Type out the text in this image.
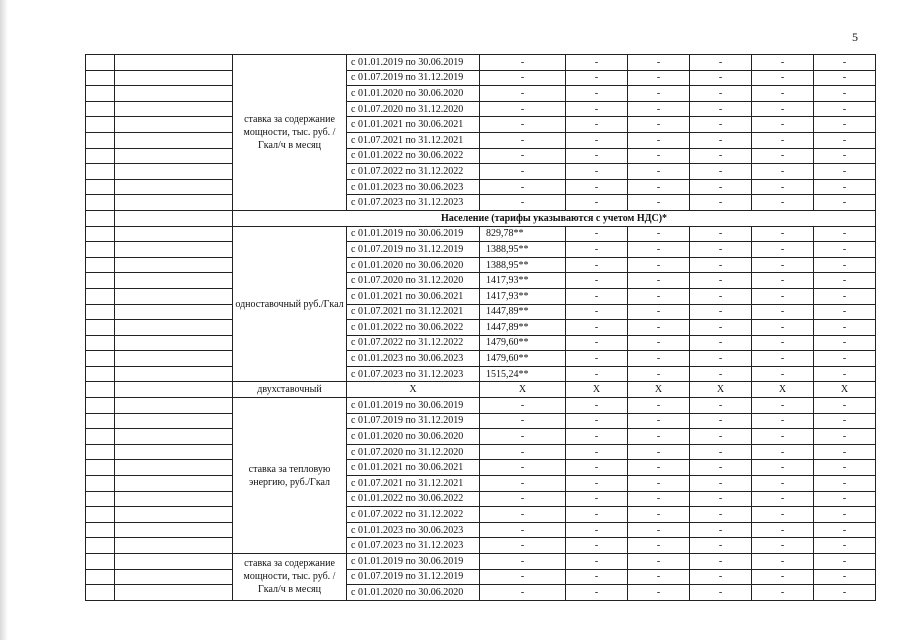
5
		ставка за содержание мощности, тыс. руб. /Гкал/ч в месяц	с 01.01.2019 по 30.06.2019	-	-	-	-	-	-
			с 01.07.2019 по 31.12.2019	-	-	-	-	-	-
			с 01.01.2020 по 30.06.2020	-	-	-	-	-	-
			с 01.07.2020 по 31.12.2020	-	-	-	-	-	-
			с 01.01.2021 по 30.06.2021	-	-	-	-	-	-
			с 01.07.2021 по 31.12.2021	-	-	-	-	-	-
			с 01.01.2022 по 30.06.2022	-	-	-	-	-	-
			с 01.07.2022 по 31.12.2022	-	-	-	-	-	-
			с 01.01.2023 по 30.06.2023	-	-	-	-	-	-
			с 01.07.2023 по 31.12.2023	-	-	-	-	-	-
		Население (тарифы указываются с учетом НДС)*							
		одноставочный руб./Гкал	с 01.01.2019 по 30.06.2019	829,78**	-	-	-	-	-
			с 01.07.2019 по 31.12.2019	1388,95**	-	-	-	-	-
			с 01.01.2020 по 30.06.2020	1388,95**	-	-	-	-	-
			с 01.07.2020 по 31.12.2020	1417,93**	-	-	-	-	-
			с 01.01.2021 по 30.06.2021	1417,93**	-	-	-	-	-
			с 01.07.2021 по 31.12.2021	1447,89**	-	-	-	-	-
			с 01.01.2022 по 30.06.2022	1447,89**	-	-	-	-	-
			с 01.07.2022 по 31.12.2022	1479,60**	-	-	-	-	-
			с 01.01.2023 по 30.06.2023	1479,60**	-	-	-	-	-
			с 01.07.2023 по 31.12.2023	1515,24**	-	-	-	-	-
		двухставочный	X	X	X	X	X	X	X
		ставка за тепловую энергию, руб./Гкал	с 01.01.2019 по 30.06.2019	-	-	-	-	-	-
			с 01.07.2019 по 31.12.2019	-	-	-	-	-	-
			с 01.01.2020 по 30.06.2020	-	-	-	-	-	-
			с 01.07.2020 по 31.12.2020	-	-	-	-	-	-
			с 01.01.2021 по 30.06.2021	-	-	-	-	-	-
			с 01.07.2021 по 31.12.2021	-	-	-	-	-	-
			с 01.01.2022 по 30.06.2022	-	-	-	-	-	-
			с 01.07.2022 по 31.12.2022	-	-	-	-	-	-
			с 01.01.2023 по 30.06.2023	-	-	-	-	-	-
			с 01.07.2023 по 31.12.2023	-	-	-	-	-	-
		ставка за содержание мощности, тыс. руб. /Гкал/ч в месяц	с 01.01.2019 по 30.06.2019	-	-	-	-	-	-
			с 01.07.2019 по 31.12.2019	-	-	-	-	-	-
			с 01.01.2020 по 30.06.2020	-	-	-	-	-	-
